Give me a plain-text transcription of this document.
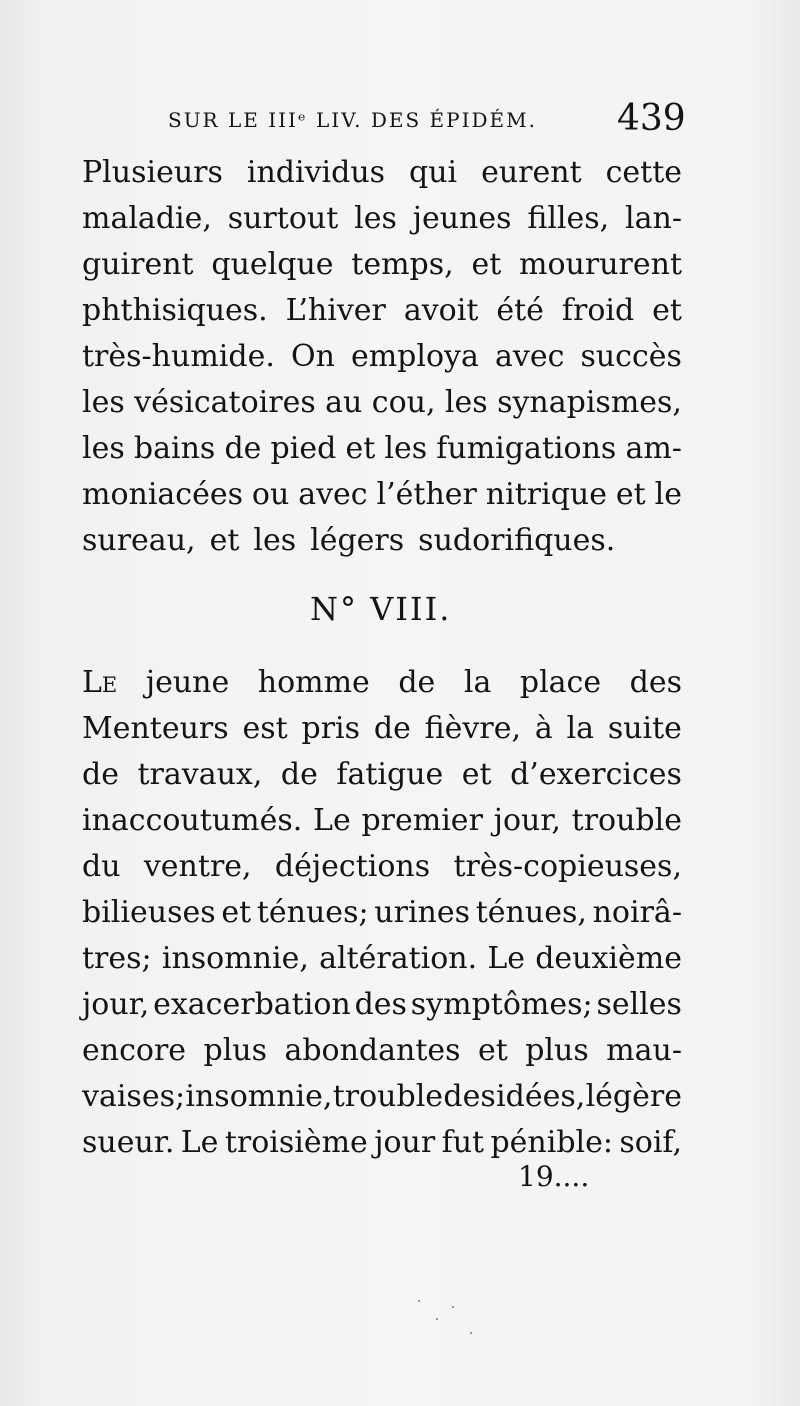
SUR LE IIIᵉ LIV. DES ÉPIDÉM.	439
Plusieurs individus qui eurent cette
maladie, surtout les jeunes filles, lan-
guirent quelque temps, et moururent
phthisiques. L’hiver avoit été froid et
très-humide. On employa avec succès
les vésicatoires au cou, les synapismes,
les bains de pied et les fumigations am-
moniacées ou avec l’éther nitrique et le
sureau, et les légers sudorifiques.
N° VIII.
Le jeune homme de la place des
Menteurs est pris de fièvre, à la suite
de travaux, de fatigue et d’exercices
inaccoutumés. Le premier jour, trouble
du ventre, déjections très-copieuses,
bilieuses et ténues; urines ténues, noirâ-
tres; insomnie, altération. Le deuxième
jour, exacerbation des symptômes; selles
encore plus abondantes et plus mau-
vaises; insomnie, trouble des idées, légère
sueur. Le troisième jour fut pénible: soif,
19....
